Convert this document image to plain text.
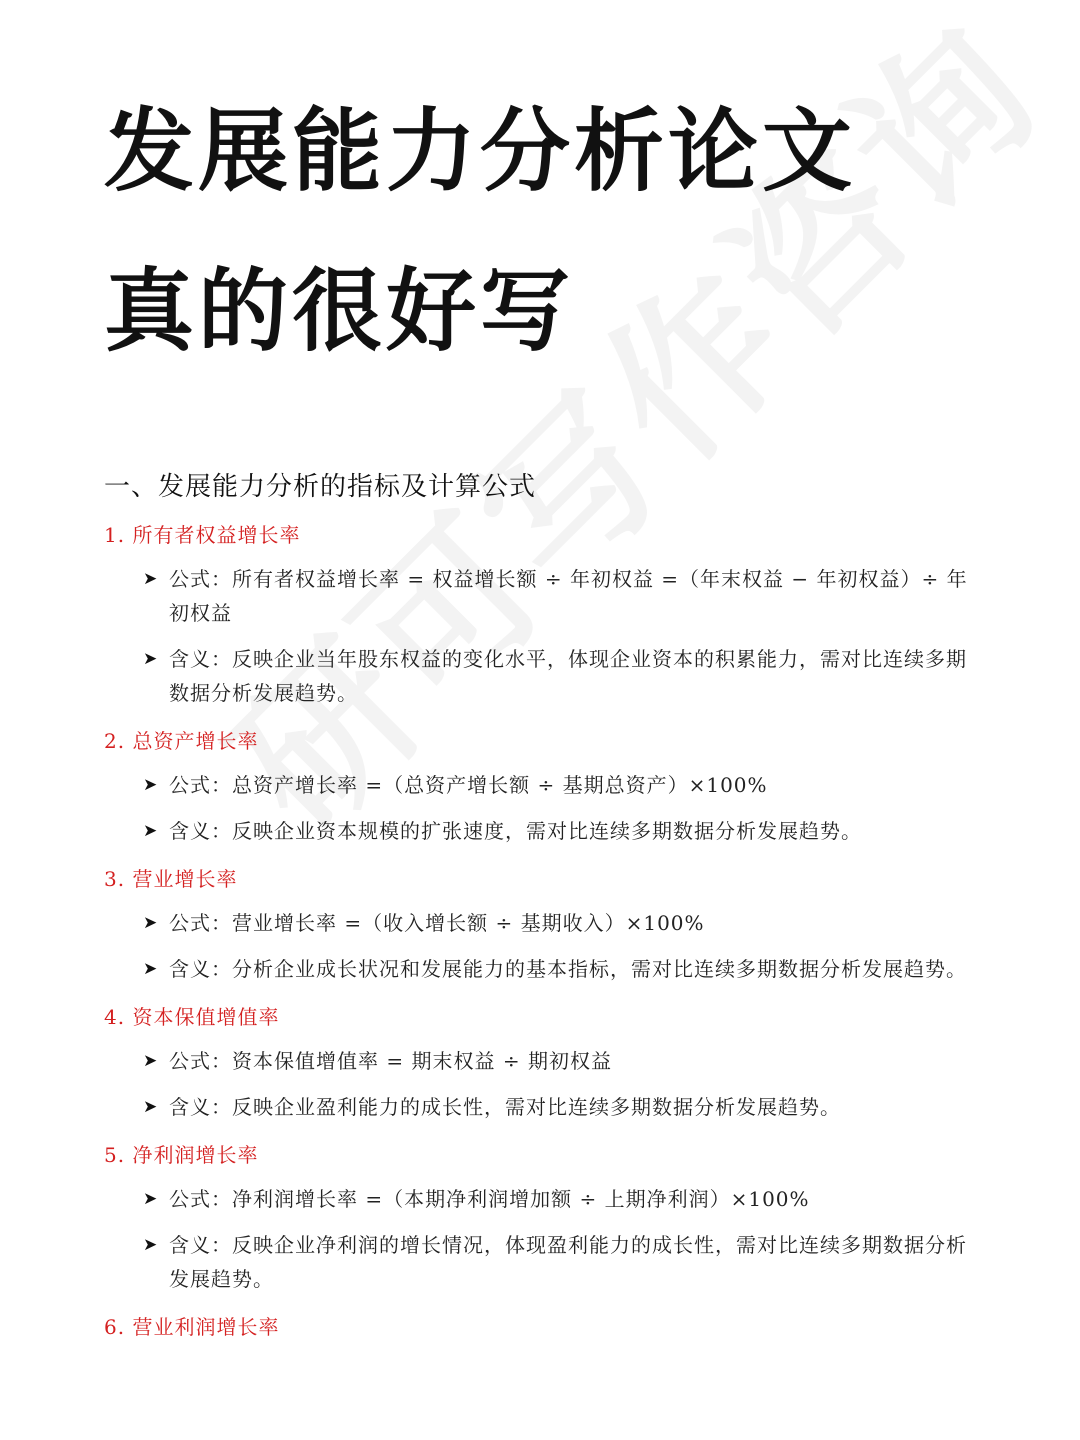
发展能力分析论文
真的很好写
一、发展能力分析的指标及计算公式
1. 所有者权益增长率

➤ 公式：所有者权益增长率 = 权益增长额 ÷ 年初权益 =（年末权益 − 年初权益）÷ 年初权益

➤ 含义：反映企业当年股东权益的变化水平，体现企业资本的积累能力，需对比连续多期数据分析发展趋势。

2. 总资产增长率

➤ 公式：总资产增长率 =（总资产增长额 ÷ 基期总资产）×100%

➤ 含义：反映企业资本规模的扩张速度，需对比连续多期数据分析发展趋势。

3. 营业增长率

➤ 公式：营业增长率 =（收入增长额 ÷ 基期收入）×100%

➤ 含义：分析企业成长状况和发展能力的基本指标，需对比连续多期数据分析发展趋势。

4. 资本保值增值率

➤ 公式：资本保值增值率 = 期末权益 ÷ 期初权益

➤ 含义：反映企业盈利能力的成长性，需对比连续多期数据分析发展趋势。

5. 净利润增长率

➤ 公式：净利润增长率 =（本期净利润增加额 ÷ 上期净利润）×100%

➤ 含义：反映企业净利润的增长情况，体现盈利能力的成长性，需对比连续多期数据分析发展趋势。

6. 营业利润增长率
